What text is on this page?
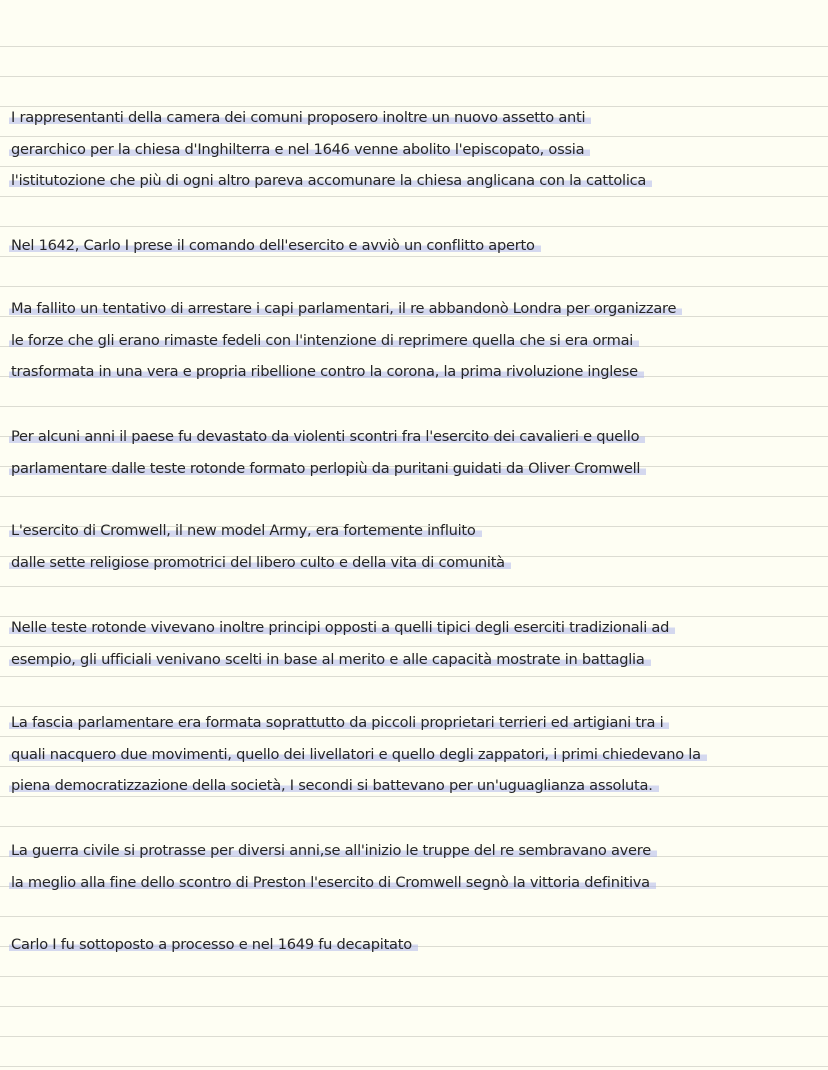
I rappresentanti della camera dei comuni proposero inoltre un nuovo assetto anti
gerarchico per la chiesa d'Inghilterra e nel 1646 venne abolito l'episcopato, ossia
l'istitutozione che più di ogni altro pareva accomunare la chiesa anglicana con la cattolica
Nel 1642, Carlo I prese il comando dell'esercito e avviò un conflitto aperto
Ma fallito un tentativo di arrestare i capi parlamentari, il re abbandonò Londra per organizzare
le forze che gli erano rimaste fedeli con l'intenzione di reprimere quella che si era ormai
trasformata in una vera e propria ribellione contro la corona, la prima rivoluzione inglese
Per alcuni anni il paese fu devastato da violenti scontri fra l'esercito dei cavalieri e quello
parlamentare dalle teste rotonde formato perlopiù da puritani guidati da Oliver Cromwell
L'esercito di Cromwell, il new model Army, era fortemente influito
dalle sette religiose promotrici del libero culto e della vita di comunità
Nelle teste rotonde vivevano inoltre principi opposti a quelli tipici degli eserciti tradizionali ad
esempio, gli ufficiali venivano scelti in base al merito e alle capacità mostrate in battaglia
La fascia parlamentare era formata soprattutto da piccoli proprietari terrieri ed artigiani tra i
quali nacquero due movimenti, quello dei livellatori e quello degli zappatori, i primi chiedevano la
piena democratizzazione della società, I secondi si battevano per un'uguaglianza assoluta.
La guerra civile si protrasse per diversi anni,se all'inizio le truppe del re sembravano avere
la meglio alla fine dello scontro di Preston l'esercito di Cromwell segnò la vittoria definitiva
Carlo I fu sottoposto a processo e nel 1649 fu decapitato
